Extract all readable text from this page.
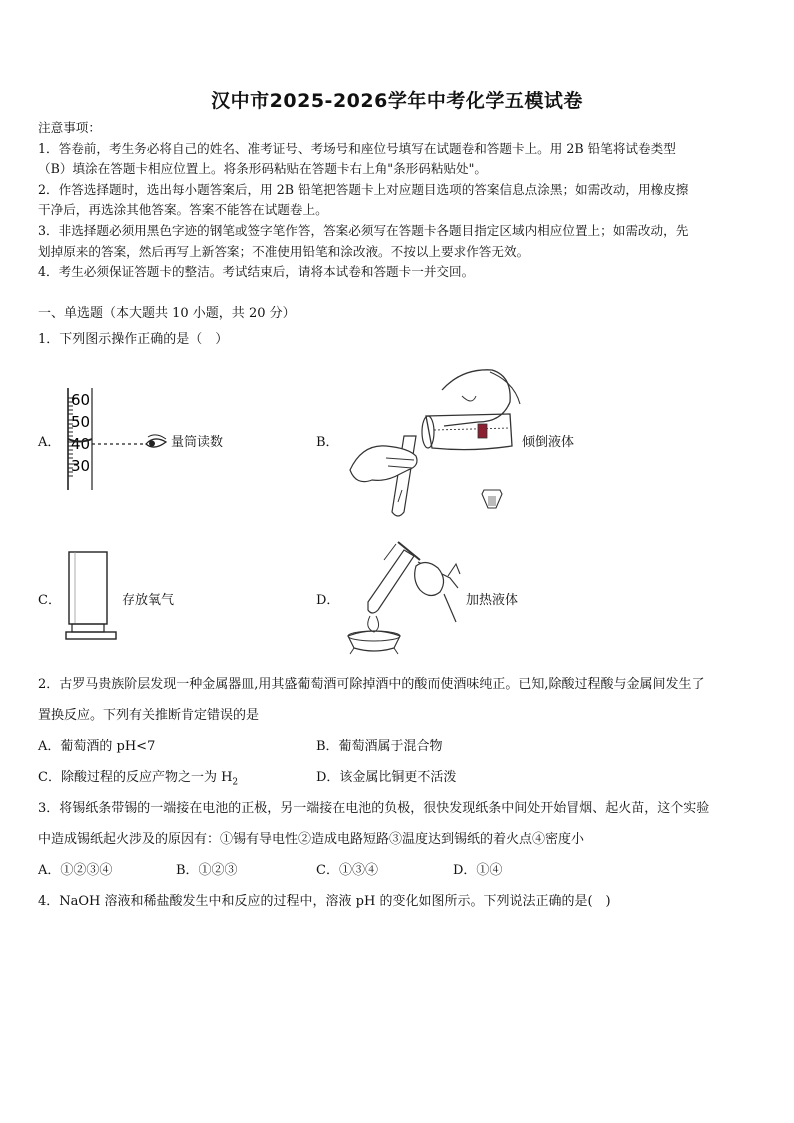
汉中市2025-2026学年中考化学五模试卷
注意事项：
1．答卷前，考生务必将自己的姓名、准考证号、考场号和座位号填写在试题卷和答题卡上。用 2B 铅笔将试卷类型
（B）填涂在答题卡相应位置上。将条形码粘贴在答题卡右上角"条形码粘贴处"。
2．作答选择题时，选出每小题答案后，用 2B 铅笔把答题卡上对应题目选项的答案信息点涂黑；如需改动，用橡皮擦
干净后，再选涂其他答案。答案不能答在试题卷上。
3．非选择题必须用黑色字迹的钢笔或签字笔作答，答案必须写在答题卡各题目指定区域内相应位置上；如需改动，先
划掉原来的答案，然后再写上新答案；不准使用铅笔和涂改液。不按以上要求作答无效。
4．考生必须保证答题卡的整洁。考试结束后，请将本试卷和答题卡一并交回。
一、单选题（本大题共 10 小题，共 20 分）
1．下列图示操作正确的是（　）
A．
60
50
40
30
量筒读数	B．	倾倒液体
C．	存放氧气	D．	加热液体
2．古罗马贵族阶层发现一种金属器皿,用其盛葡萄酒可除掉酒中的酸而使酒味纯正。已知,除酸过程酸与金属间发生了
置换反应。下列有关推断肯定错误的是
A．葡萄酒的 pH<7	B．葡萄酒属于混合物
C．除酸过程的反应产物之一为 $H_2$	D．该金属比铜更不活泼
3．将锡纸条带锡的一端接在电池的正极，另一端接在电池的负极，很快发现纸条中间处开始冒烟、起火苗，这个实验
中造成锡纸起火涉及的原因有：①锡有导电性②造成电路短路③温度达到锡纸的着火点④密度小
A．①②③④	B．①②③	C．①③④	D．①④
4．NaOH 溶液和稀盐酸发生中和反应的过程中，溶液 pH 的变化如图所示。下列说法正确的是(　)
